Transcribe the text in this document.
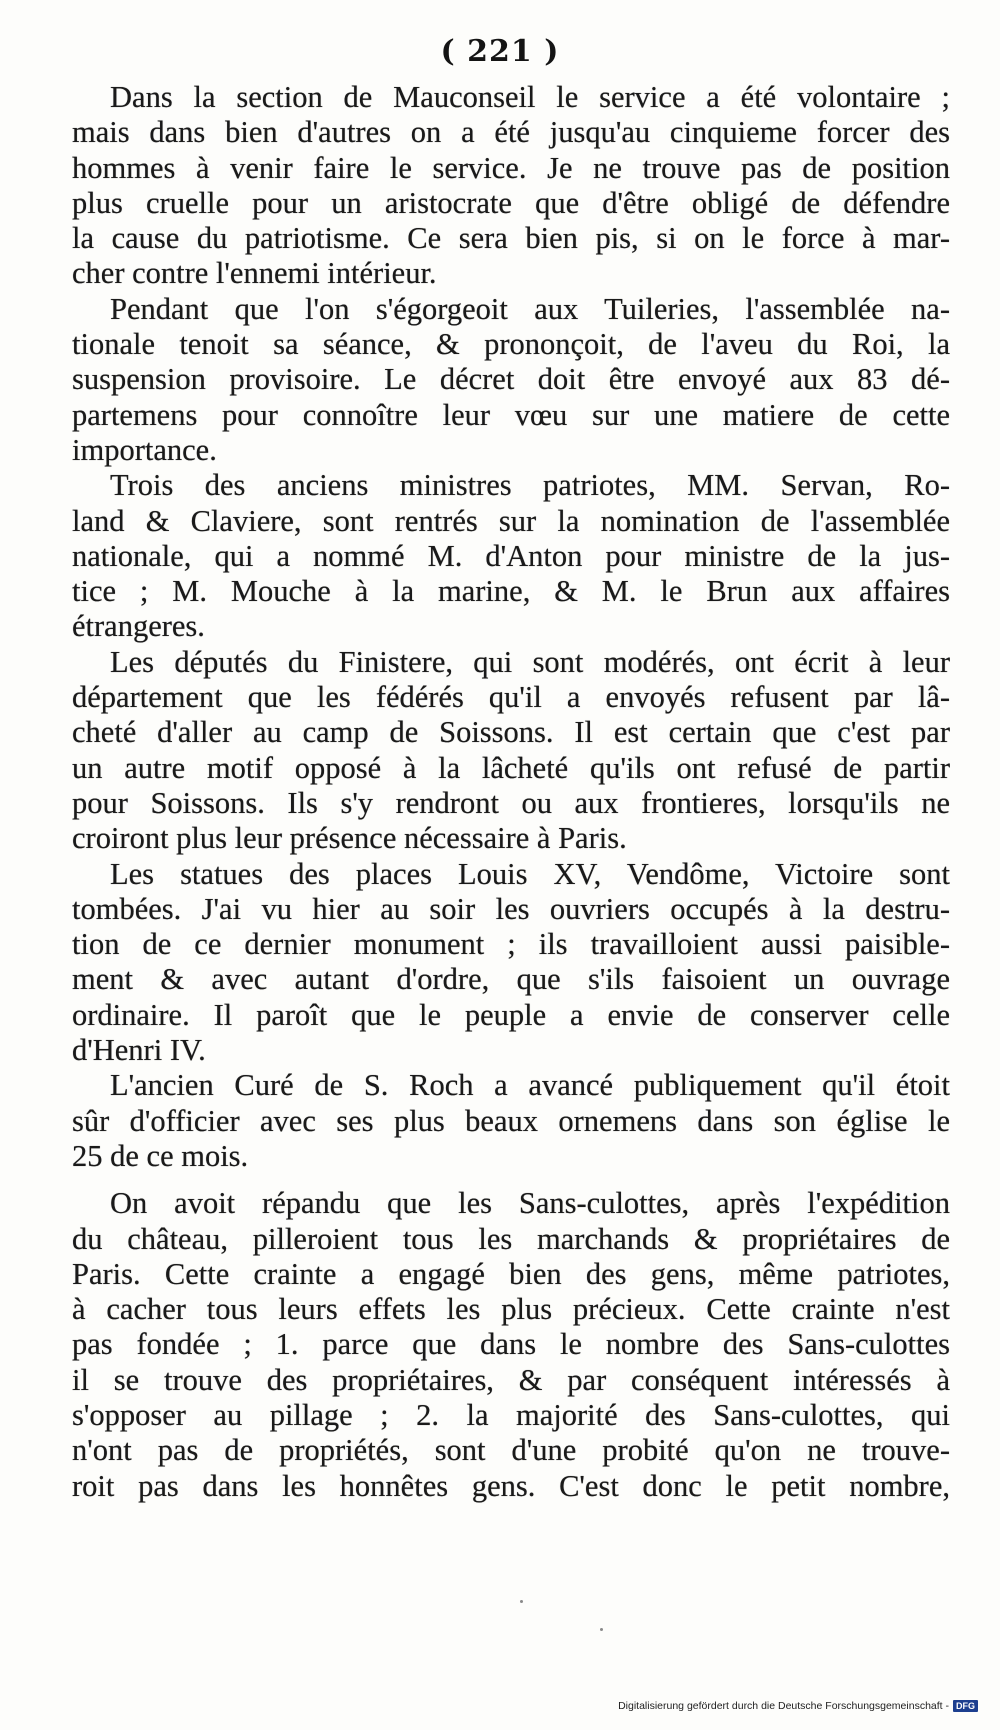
( 221 )
Dans la section de Mauconseil le service a été volontaire ;
mais dans bien d'autres on a été jusqu'au cinquieme forcer des
hommes à venir faire le service. Je ne trouve pas de position
plus cruelle pour un aristocrate que d'être obligé de défendre
la cause du patriotisme. Ce sera bien pis, si on le force à mar-
cher contre l'ennemi intérieur.
Pendant que l'on s'égorgeoit aux Tuileries, l'assemblée na-
tionale tenoit sa séance, & prononçoit, de l'aveu du Roi, la
suspension provisoire. Le décret doit être envoyé aux 83 dé-
partemens pour connoître leur vœu sur une matiere de cette
importance.
Trois des anciens ministres patriotes, MM. Servan, Ro-
land & Claviere, sont rentrés sur la nomination de l'assemblée
nationale, qui a nommé M. d'Anton pour ministre de la jus-
tice ; M. Mouche à la marine, & M. le Brun aux affaires
étrangeres.
Les députés du Finistere, qui sont modérés, ont écrit à leur
département que les fédérés qu'il a envoyés refusent par lâ-
cheté d'aller au camp de Soissons. Il est certain que c'est par
un autre motif opposé à la lâcheté qu'ils ont refusé de partir
pour Soissons. Ils s'y rendront ou aux frontieres, lorsqu'ils ne
croiront plus leur présence nécessaire à Paris.
Les statues des places Louis XV, Vendôme, Victoire sont
tombées. J'ai vu hier au soir les ouvriers occupés à la destru-
tion de ce dernier monument ; ils travailloient aussi paisible-
ment & avec autant d'ordre, que s'ils faisoient un ouvrage
ordinaire. Il paroît que le peuple a envie de conserver celle
d'Henri IV.
L'ancien Curé de S. Roch a avancé publiquement qu'il étoit
sûr d'officier avec ses plus beaux ornemens dans son église le
25 de ce mois.
On avoit répandu que les Sans-culottes, après l'expédition
du château, pilleroient tous les marchands & propriétaires de
Paris. Cette crainte a engagé bien des gens, même patriotes,
à cacher tous leurs effets les plus précieux. Cette crainte n'est
pas fondée ; 1. parce que dans le nombre des Sans-culottes
il se trouve des propriétaires, & par conséquent intéressés à
s'opposer au pillage ; 2. la majorité des Sans-culottes, qui
n'ont pas de propriétés, sont d'une probité qu'on ne trouve-
roit pas dans les honnêtes gens. C'est donc le petit nombre,
Digitalisierung gefördert durch die Deutsche Forschungsgemeinschaft - DFG
